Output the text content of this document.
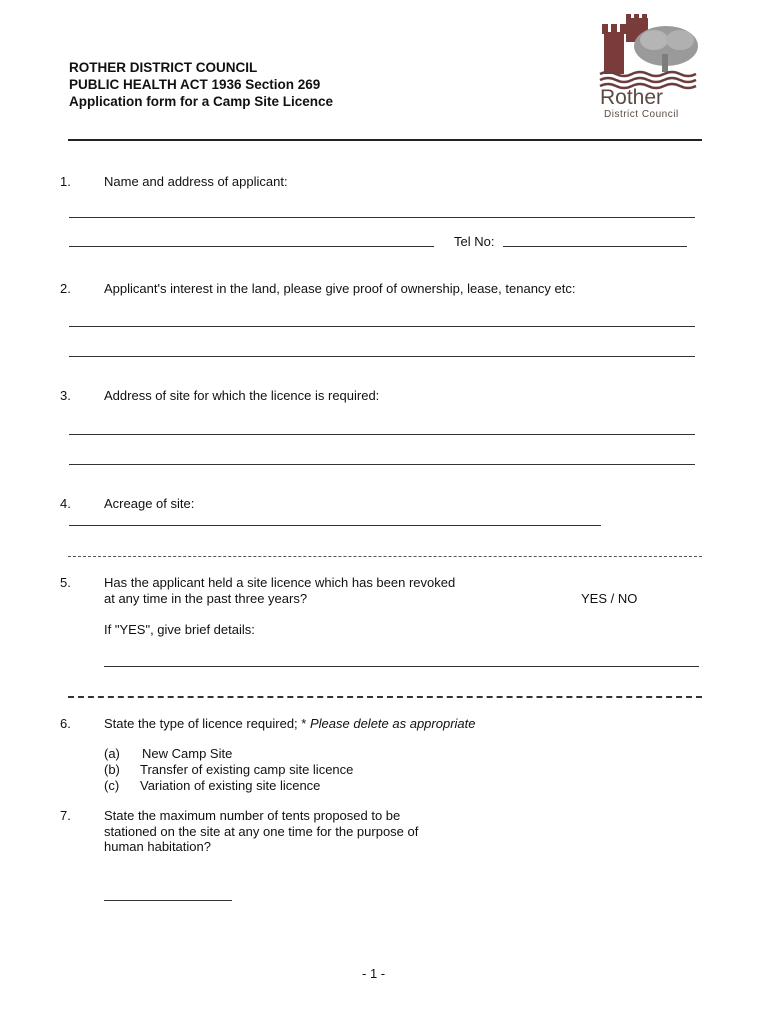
ROTHER DISTRICT COUNCIL
PUBLIC HEALTH ACT 1936 Section 269
Application form for a Camp Site Licence	Rother
District Council
1.	Name and address of applicant:
Tel No:
2.	Applicant's interest in the land, please give proof of ownership, lease, tenancy etc:
3.	Address of site for which the licence is required:
4.	Acreage of site:
5.	Has the applicant held a site licence which has been revoked
at any time in the past three years?	YES / NO
If "YES", give brief details:
6.	State the type of licence required; * Please delete as appropriate
(a) New Camp Site
(b) Transfer of existing camp site licence
(c) Variation of existing site licence
7.	State the maximum number of tents proposed to be
stationed on the site at any one time for the purpose of
human habitation?
- 1 -
